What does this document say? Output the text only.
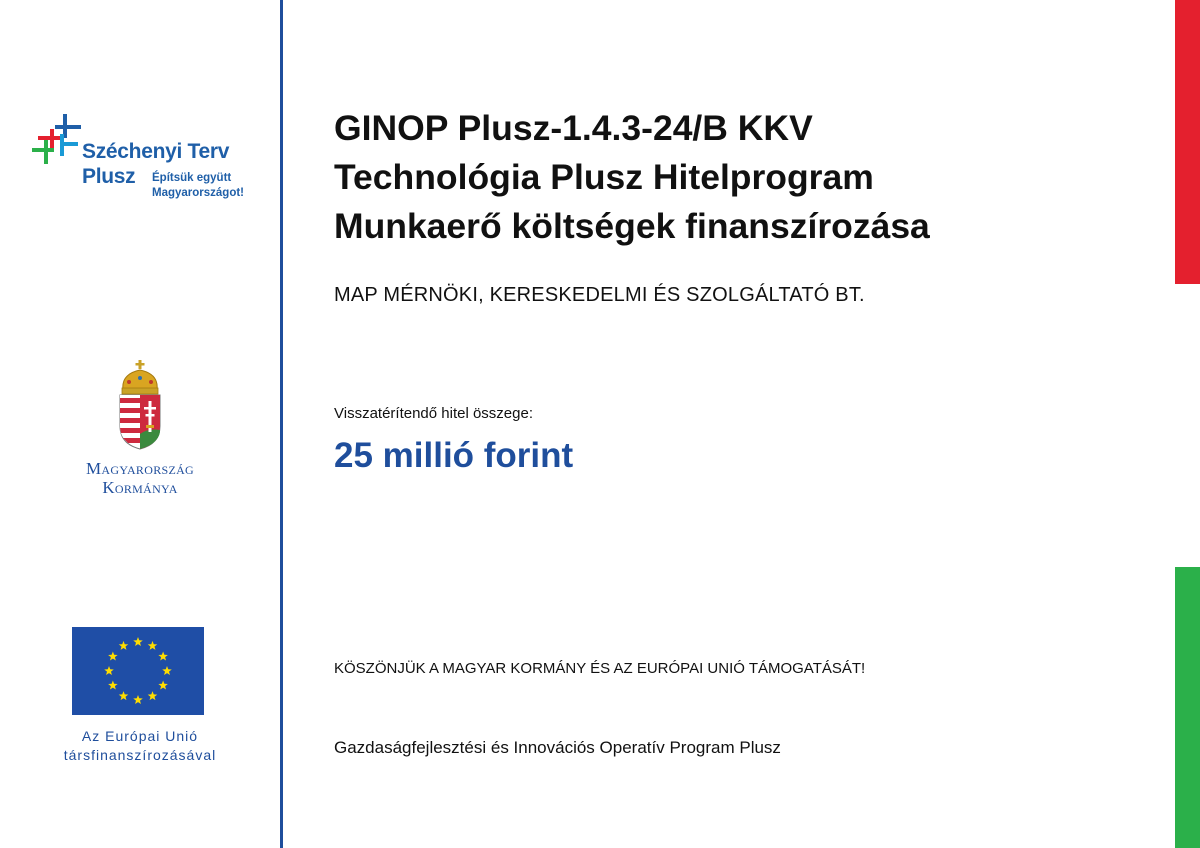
Széchenyi Terv
Plusz Építsük együtt
Magyarországot!
Magyarország
Kormánya
Az Európai Unió
társfinanszírozásával
GINOP Plusz-1.4.3-24/B KKV
Technológia Plusz Hitelprogram
Munkaerő költségek finanszírozása
MAP MÉRNÖKI, KERESKEDELMI ÉS SZOLGÁLTATÓ BT.
Visszatérítendő hitel összege:
25 millió forint
KÖSZÖNJÜK A MAGYAR KORMÁNY ÉS AZ EURÓPAI UNIÓ TÁMOGATÁSÁT!
Gazdaságfejlesztési és Innovációs Operatív Program Plusz
